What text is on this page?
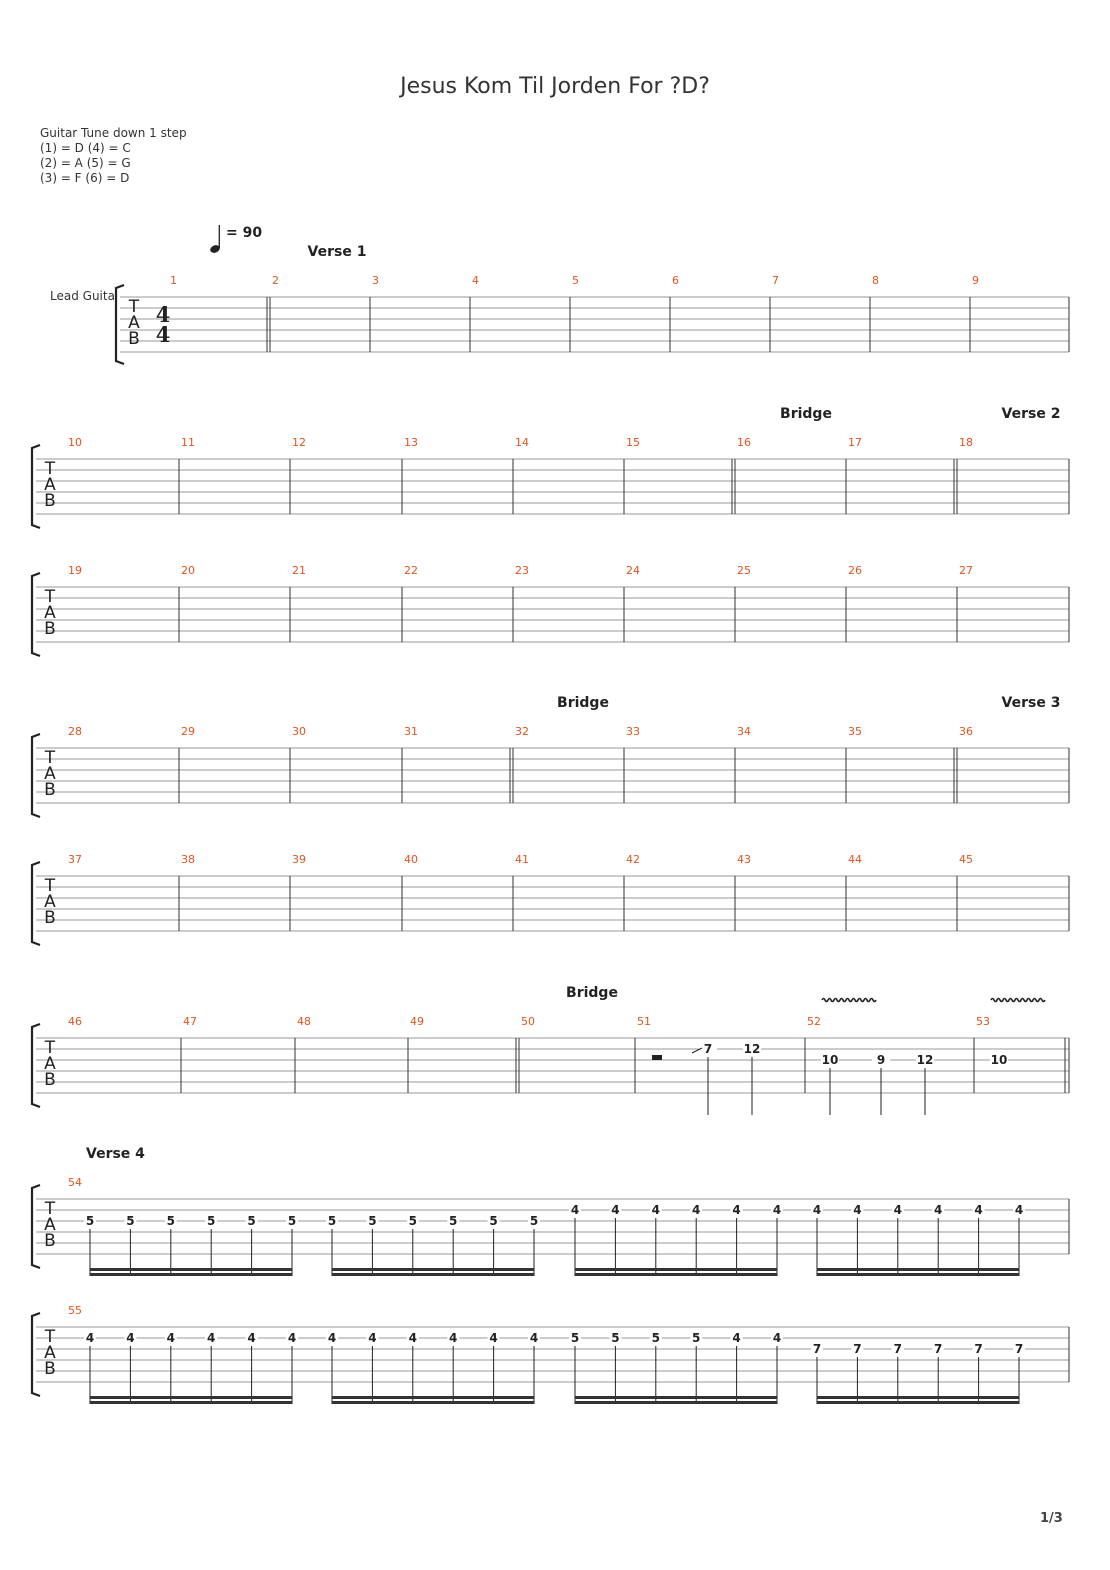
Jesus Kom Til Jorden For ?D?
Guitar Tune down 1 step
(1) = D (4) = C
(2) = A (5) = G
(3) = F (6) = D
= 90
Lead Guita
T
A
B
4
4
1	2	3	4	5	6	7	8	9
Verse 1
T
A
B
10	11	12	13	14	15	16	17	18
Bridge	Verse 2
T
A
B
19	20	21	22	23	24	25	26	27
T
A
B
28	29	30	31	32	33	34	35	36
Bridge	Verse 3
T
A
B
37	38	39	40	41	42	43	44	45
T
A
B
46	47	48	49	50	51	52	53
Bridge
7	12
10	9	12	10
T
A
B
54
Verse 4
5	5	5	5	5	5	5	5	5	5	5	5
4	4	4	4	4	4	4	4	4	4	4	4
T
A
B
55
4	4	4	4	4	4	4	4	4	4	4	4	5	5	5	5	4	4
7	7	7	7	7	7
1/3
